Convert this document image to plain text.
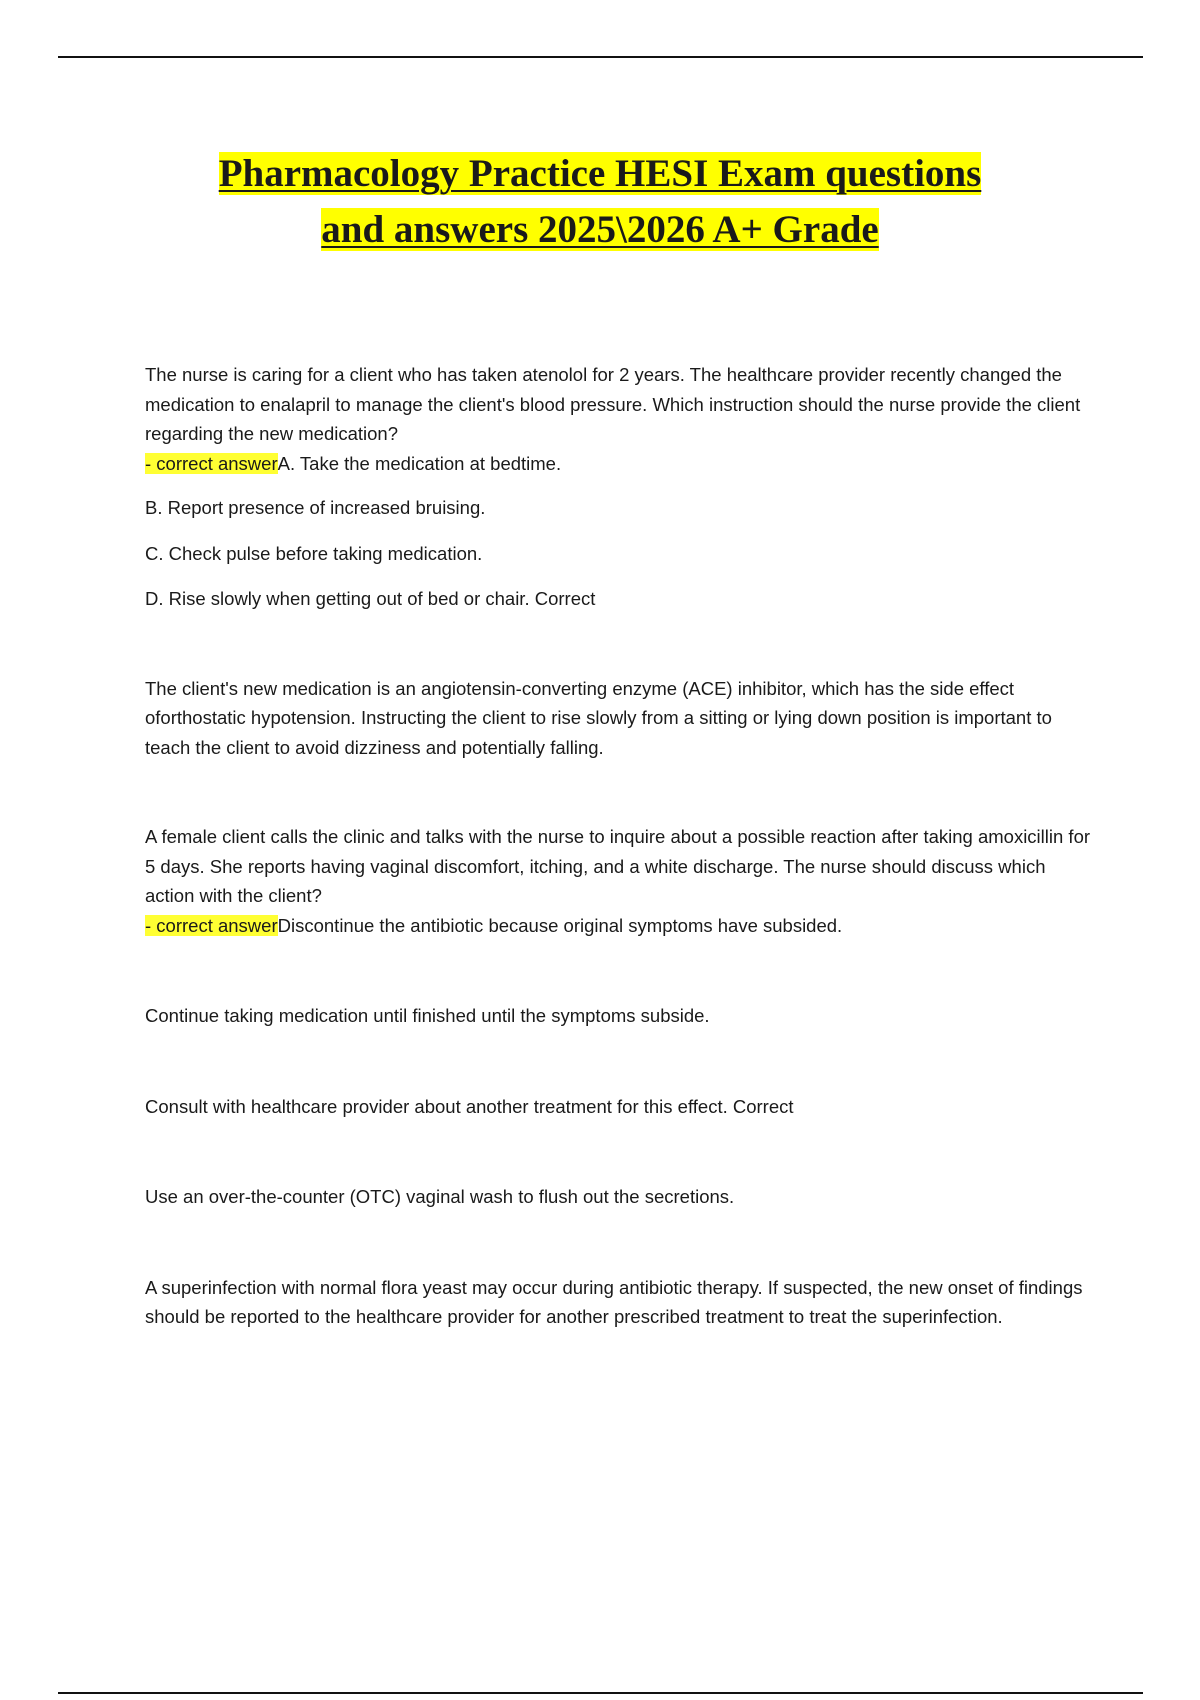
Pharmacology Practice HESI Exam questions
and answers 2025\2026 A+ Grade

The nurse is caring for a client who has taken atenolol for 2 years. The healthcare provider recently changed the medication to enalapril to manage the client's blood pressure. Which instruction should the nurse provide the client regarding the new medication?

- correct answerA. Take the medication at bedtime.

B. Report presence of increased bruising.

C. Check pulse before taking medication.

D. Rise slowly when getting out of bed or chair. Correct

The client's new medication is an angiotensin-converting enzyme (ACE) inhibitor, which has the side effect oforthostatic hypotension. Instructing the client to rise slowly from a sitting or lying down position is important to teach the client to avoid dizziness and potentially falling.

A female client calls the clinic and talks with the nurse to inquire about a possible reaction after taking amoxicillin for 5 days. She reports having vaginal discomfort, itching, and a white discharge. The nurse should discuss which action with the client?

- correct answerDiscontinue the antibiotic because original symptoms have subsided.

Continue taking medication until finished until the symptoms subside.

Consult with healthcare provider about another treatment for this effect. Correct

Use an over-the-counter (OTC) vaginal wash to flush out the secretions.

A superinfection with normal flora yeast may occur during antibiotic therapy. If suspected, the new onset of findings should be reported to the healthcare provider for another prescribed treatment to treat the superinfection.
